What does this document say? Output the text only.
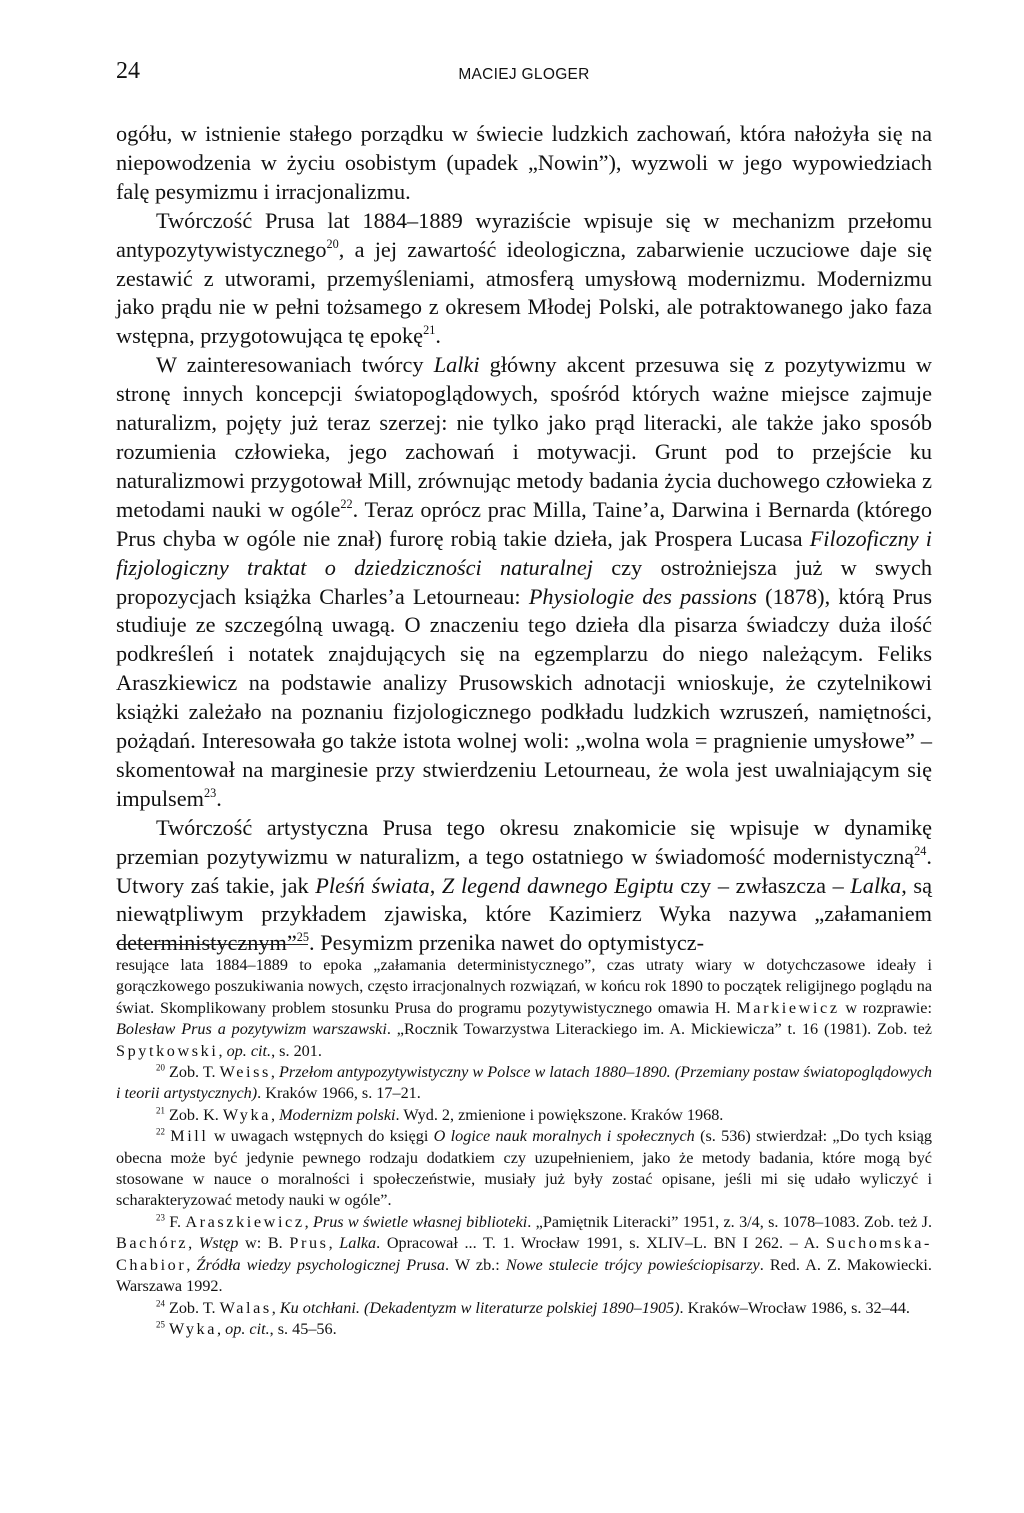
24	MACIEJ GLOGER

ogółu, w istnienie stałego porządku w świecie ludzkich zachowań, która nałożyła się na niepowodzenia w życiu osobistym (upadek „Nowin”), wyzwoli w jego wypowiedziach falę pesymizmu i irracjonalizmu.

Twórczość Prusa lat 1884–1889 wyraziście wpisuje się w mechanizm przełomu antypozytywistycznego$^{20}$, a jej zawartość ideologiczna, zabarwienie uczuciowe daje się zestawić z utworami, przemyśleniami, atmosferą umysłową modernizmu. Modernizmu jako prądu nie w pełni tożsamego z okresem Młodej Polski, ale potraktowanego jako faza wstępna, przygotowująca tę epokę$^{21}$.

W zainteresowaniach twórcy Lalki główny akcent przesuwa się z pozytywizmu w stronę innych koncepcji światopoglądowych, spośród których ważne miejsce zajmuje naturalizm, pojęty już teraz szerzej: nie tylko jako prąd literacki, ale także jako sposób rozumienia człowieka, jego zachowań i motywacji. Grunt pod to przejście ku naturalizmowi przygotował Mill, zrównując metody badania życia duchowego człowieka z metodami nauki w ogóle$^{22}$. Teraz oprócz prac Milla, Taine’a, Darwina i Bernarda (którego Prus chyba w ogóle nie znał) furorę robią takie dzieła, jak Prospera Lucasa Filozoficzny i fizjologiczny traktat o dziedziczności naturalnej czy ostrożniejsza już w swych propozycjach książka Charles’a Letourneau: Physiologie des passions (1878), którą Prus studiuje ze szczególną uwagą. O znaczeniu tego dzieła dla pisarza świadczy duża ilość podkreśleń i notatek znajdujących się na egzemplarzu do niego należącym. Feliks Araszkiewicz na podstawie analizy Prusowskich adnotacji wnioskuje, że czytelnikowi książki zależało na poznaniu fizjologicznego podkładu ludzkich wzruszeń, namiętności, pożądań. Interesowała go także istota wolnej woli: „wolna wola = pragnienie umysłowe” – skomentował na marginesie przy stwierdzeniu Letourneau, że wola jest uwalniającym się impulsem$^{23}$.

Twórczość artystyczna Prusa tego okresu znakomicie się wpisuje w dynamikę przemian pozytywizmu w naturalizm, a tego ostatniego w świadomość modernistyczną$^{24}$. Utwory zaś takie, jak Pleśń świata, Z legend dawnego Egiptu czy – zwłaszcza – Lalka, są niewątpliwym przykładem zjawiska, które Kazimierz Wyka nazywa „załamaniem deterministycznym”$^{25}$. Pesymizm przenika nawet do optymistycz-

resujące lata 1884–1889 to epoka „załamania deterministycznego”, czas utraty wiary w dotychczasowe ideały i gorączkowego poszukiwania nowych, często irracjonalnych rozwiązań, w końcu rok 1890 to początek religijnego poglądu na świat. Skomplikowany problem stosunku Prusa do programu pozytywistycznego omawia H. Markiewicz w rozprawie: Bolesław Prus a pozytywizm warszawski. „Rocznik Towarzystwa Literackiego im. A. Mickiewicza” t. 16 (1981). Zob. też Spytkowski, op. cit., s. 201.

$^{20}$ Zob. T. Weiss, Przełom antypozytywistyczny w Polsce w latach 1880–1890. (Przemiany postaw światopoglądowych i teorii artystycznych). Kraków 1966, s. 17–21.

$^{21}$ Zob. K. Wyka, Modernizm polski. Wyd. 2, zmienione i powiększone. Kraków 1968.

$^{22}$ Mill w uwagach wstępnych do księgi O logice nauk moralnych i społecznych (s. 536) stwierdzał: „Do tych ksiąg obecna może być jedynie pewnego rodzaju dodatkiem czy uzupełnieniem, jako że metody badania, które mogą być stosowane w nauce o moralności i społeczeństwie, musiały już były zostać opisane, jeśli mi się udało wyliczyć i scharakteryzować metody nauki w ogóle”.

$^{23}$ F. Araszkiewicz, Prus w świetle własnej biblioteki. „Pamiętnik Literacki” 1951, z. 3/4, s. 1078–1083. Zob. też J. Bachórz, Wstęp w: B. Prus, Lalka. Opracował ... T. 1. Wrocław 1991, s. XLIV–L. BN I 262. – A. Suchomska-Chabior, Źródła wiedzy psychologicznej Prusa. W zb.: Nowe stulecie trójcy powieściopisarzy. Red. A. Z. Makowiecki. Warszawa 1992.

$^{24}$ Zob. T. Walas, Ku otchłani. (Dekadentyzm w literaturze polskiej 1890–1905). Kraków–Wrocław 1986, s. 32–44.

$^{25}$ Wyka, op. cit., s. 45–56.
